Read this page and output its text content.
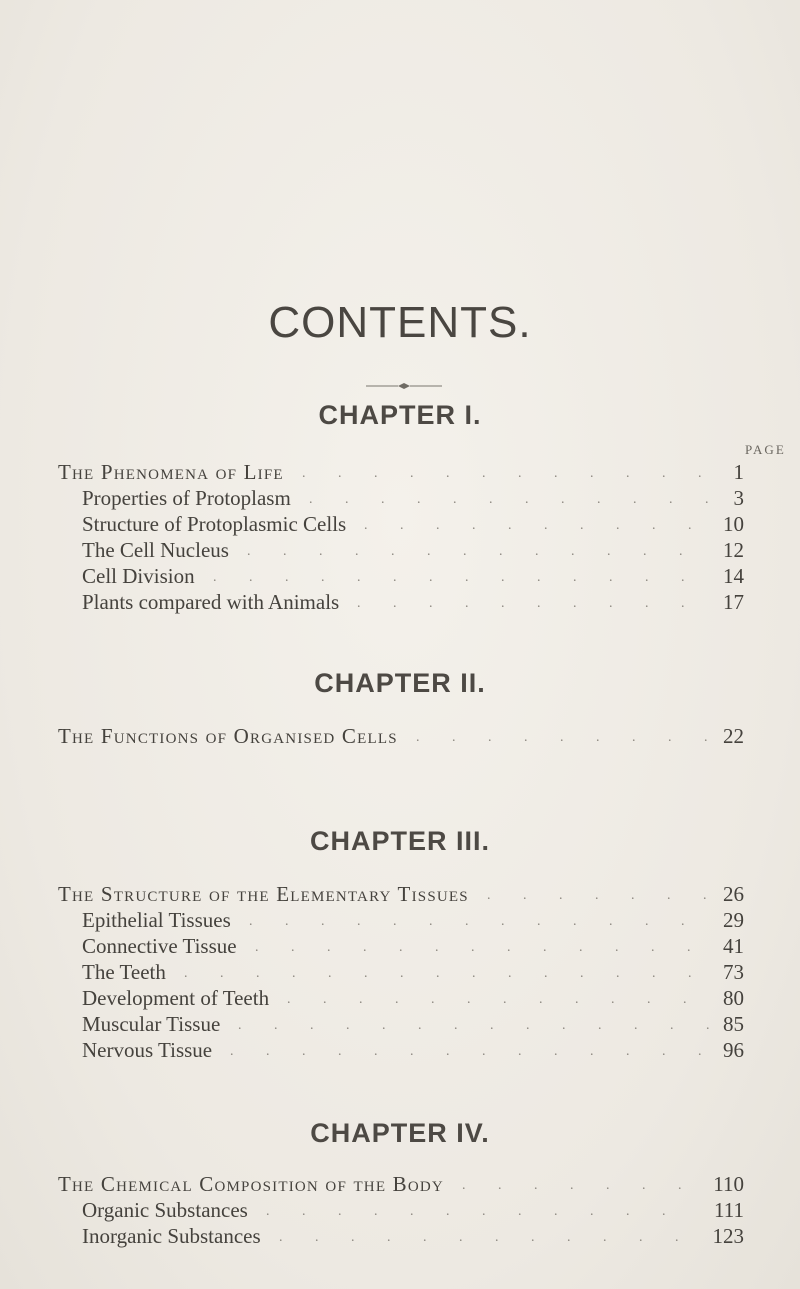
CONTENTS.
PAGE
CHAPTER I.
The Phenomena of Life	1
Properties of Protoplasm	3
Structure of Protoplasmic Cells	10
The Cell Nucleus	12
Cell Division	14
Plants compared with Animals	17
CHAPTER II.
The Functions of Organised Cells	22
CHAPTER III.
The Structure of the Elementary Tissues	26
Epithelial Tissues	29
Connective Tissue	41
The Teeth	73
Development of Teeth	80
Muscular Tissue	85
Nervous Tissue	96
CHAPTER IV.
The Chemical Composition of the Body	110
Organic Substances	111
Inorganic Substances	123
. . . . . . . . . . . .
. . . . . . . . . . . .
. . . . . . . . . .
. . . . . . . . . . . . .
. . . . . . . . . . . . . .
. . . . . . . . . .
. . . . . . . . .
. . . . . . .
. . . . . . . . . . . . .
. . . . . . . . . . . . .
. . . . . . . . . . . . . . .
. . . . . . . . . . . .
. . . . . . . . . . . . . .
. . . . . . . . . . . . . .
. . . . . . .
. . . . . . . . . . . .
. . . . . . . . . . . .
